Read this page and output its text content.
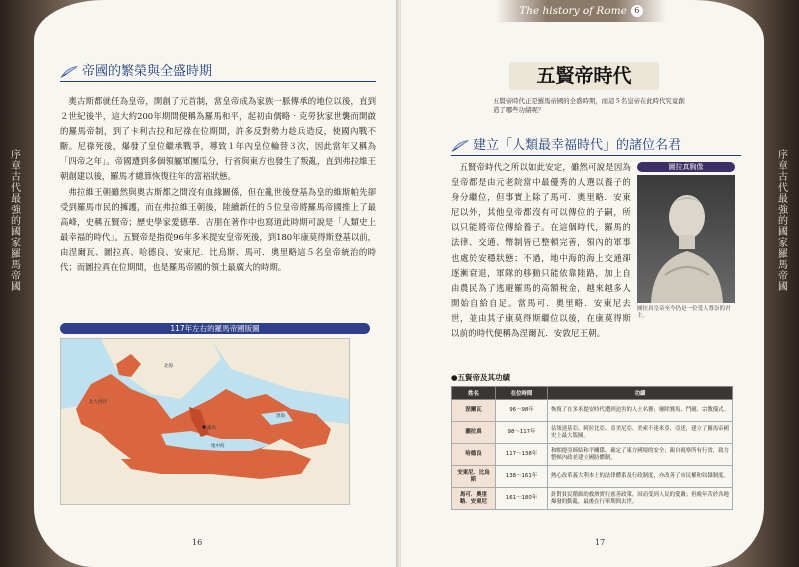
序章 古代最強的國家羅馬帝國
序章 古代最強的國家羅馬帝國
帝國的繁榮與全盛時期

奧古斯都就任為皇帝，開創了元首制，當皇帝成為家族一脈傳承的地位以後，直到２世紀後半，這大約200年期間便稱為羅馬和平，起初由儒略‧克勞狄家世襲而開啟的羅馬帝制，到了卡利古拉和尼祿在位期間，許多反對勢力趁兵造反，使國內戰不斷。尼祿死後，爆發了皇位繼承戰爭，導致１年內皇位輪替３次，因此當年又稱為「四帝之年」。帝國遭到多個領屬軍團瓜分，行省與東方也發生了叛亂，直到弗拉維王朝創建以後，羅馬才總算恢復往年的富裕狀態。

弗拉維王朝雖然與奧古斯都之間沒有血緣關係，但在亂世後登基為皇的維斯帕先卻受到羅馬市民的擁護，而在弗拉維王朝後，陸續新任的５位皇帝將羅馬帝國推上了最高峰，史稱五賢帝；歷史學家愛德華．吉朋在著作中也寫道此時期可說是「人類史上最幸福的時代」。五賢帝是指從96年多米提安皇帝死後，到180年康莫得斯登基以前，由涅爾瓦、圖拉真、哈德良、安東尼．比烏斯、馬可．奧里略這５名皇帝統治的時代；而圖拉真在位期間，也是羅馬帝國的領土最廣大的時期。

117年左右的羅馬帝國版圖
北海
北大西洋
黑海
羅馬
地中海
16
The history of Rome 6
五賢帝時代
五賢帝時代正是羅馬帝國的全盛時期，而這５名皇帝在此時代究竟創造了哪些功績呢？
建立「人類最幸福時代」的諸位名君

五賢帝時代之所以如此安定，雖然可說是因為皇帝都是由元老院當中最優秀的人選以養子的身分繼位，但事實上除了馬可．奧里略．安東尼以外，其他皇帝都沒有可以傳位的子嗣，所以只能將帝位傳給養子。在這個時代，羅馬的法律、交通、幣制皆已整頓完善，領內的軍事也處於安穩狀態；不過，地中海的海上交通卻逐漸衰退，軍隊的移動只能依靠陸路，加上自由農民為了逃避羅馬的高額稅金，越來越多人開始自給自足。當馬可．奧里略．安東尼去世，並由其子康莫得斯繼位以後，在康莫得斯以前的時代便稱為涅爾瓦．安敦尼王朝。

圖拉真胸像
圖拉真皇帝至今仍是一位受人尊崇的君主。
●五賢帝及其功績
姓名	在位時間	功績
涅爾瓦	96～98年	恢復了在多米提安時代遭到迫害的人士名譽；廢除賽馬、鬥劍、宗教儀式。
圖拉真	98～117年	佔領達基亞、阿拉比亞、亞美尼亞、美索不達米亞、亞述，建立了羅馬帝國史上最大版圖。
哈德良	117～138年	和帕提亞締結和平關係，確定了東方國境的安全；親自視察所有行省，致力整頓內政並建立國防體制。
安東尼．比烏斯	138～161年	熱心改革義大利本土的法律體系及行政制度，亦改善了市民權和奴隸制度。
馬可．奧里略．安東尼	161～180年	針對貧民階級的救濟實行慈善政策，因而受到人民的愛戴；但晚年苦於各地爆發的動亂，最後在行軍期間去世。
17
